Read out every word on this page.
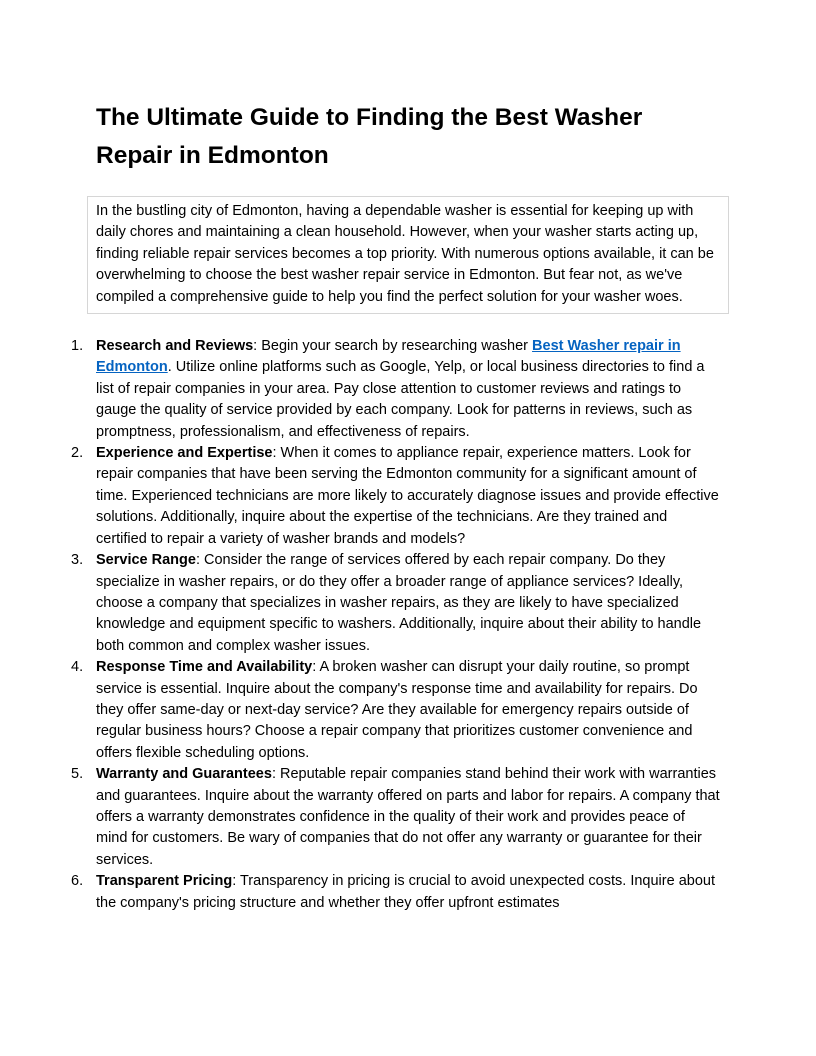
The Ultimate Guide to Finding the Best Washer Repair in Edmonton

In the bustling city of Edmonton, having a dependable washer is essential for keeping up with daily chores and maintaining a clean household. However, when your washer starts acting up, finding reliable repair services becomes a top priority. With numerous options available, it can be overwhelming to choose the best washer repair service in Edmonton. But fear not, as we've compiled a comprehensive guide to help you find the perfect solution for your washer woes.

1. Research and Reviews: Begin your search by researching washer Best Washer repair in Edmonton. Utilize online platforms such as Google, Yelp, or local business directories to find a list of repair companies in your area. Pay close attention to customer reviews and ratings to gauge the quality of service provided by each company. Look for patterns in reviews, such as promptness, professionalism, and effectiveness of repairs.
2. Experience and Expertise: When it comes to appliance repair, experience matters. Look for repair companies that have been serving the Edmonton community for a significant amount of time. Experienced technicians are more likely to accurately diagnose issues and provide effective solutions. Additionally, inquire about the expertise of the technicians. Are they trained and certified to repair a variety of washer brands and models?
3. Service Range: Consider the range of services offered by each repair company. Do they specialize in washer repairs, or do they offer a broader range of appliance services? Ideally, choose a company that specializes in washer repairs, as they are likely to have specialized knowledge and equipment specific to washers. Additionally, inquire about their ability to handle both common and complex washer issues.
4. Response Time and Availability: A broken washer can disrupt your daily routine, so prompt service is essential. Inquire about the company's response time and availability for repairs. Do they offer same-day or next-day service? Are they available for emergency repairs outside of regular business hours? Choose a repair company that prioritizes customer convenience and offers flexible scheduling options.
5. Warranty and Guarantees: Reputable repair companies stand behind their work with warranties and guarantees. Inquire about the warranty offered on parts and labor for repairs. A company that offers a warranty demonstrates confidence in the quality of their work and provides peace of mind for customers. Be wary of companies that do not offer any warranty or guarantee for their services.
6. Transparent Pricing: Transparency in pricing is crucial to avoid unexpected costs. Inquire about the company's pricing structure and whether they offer upfront estimates
